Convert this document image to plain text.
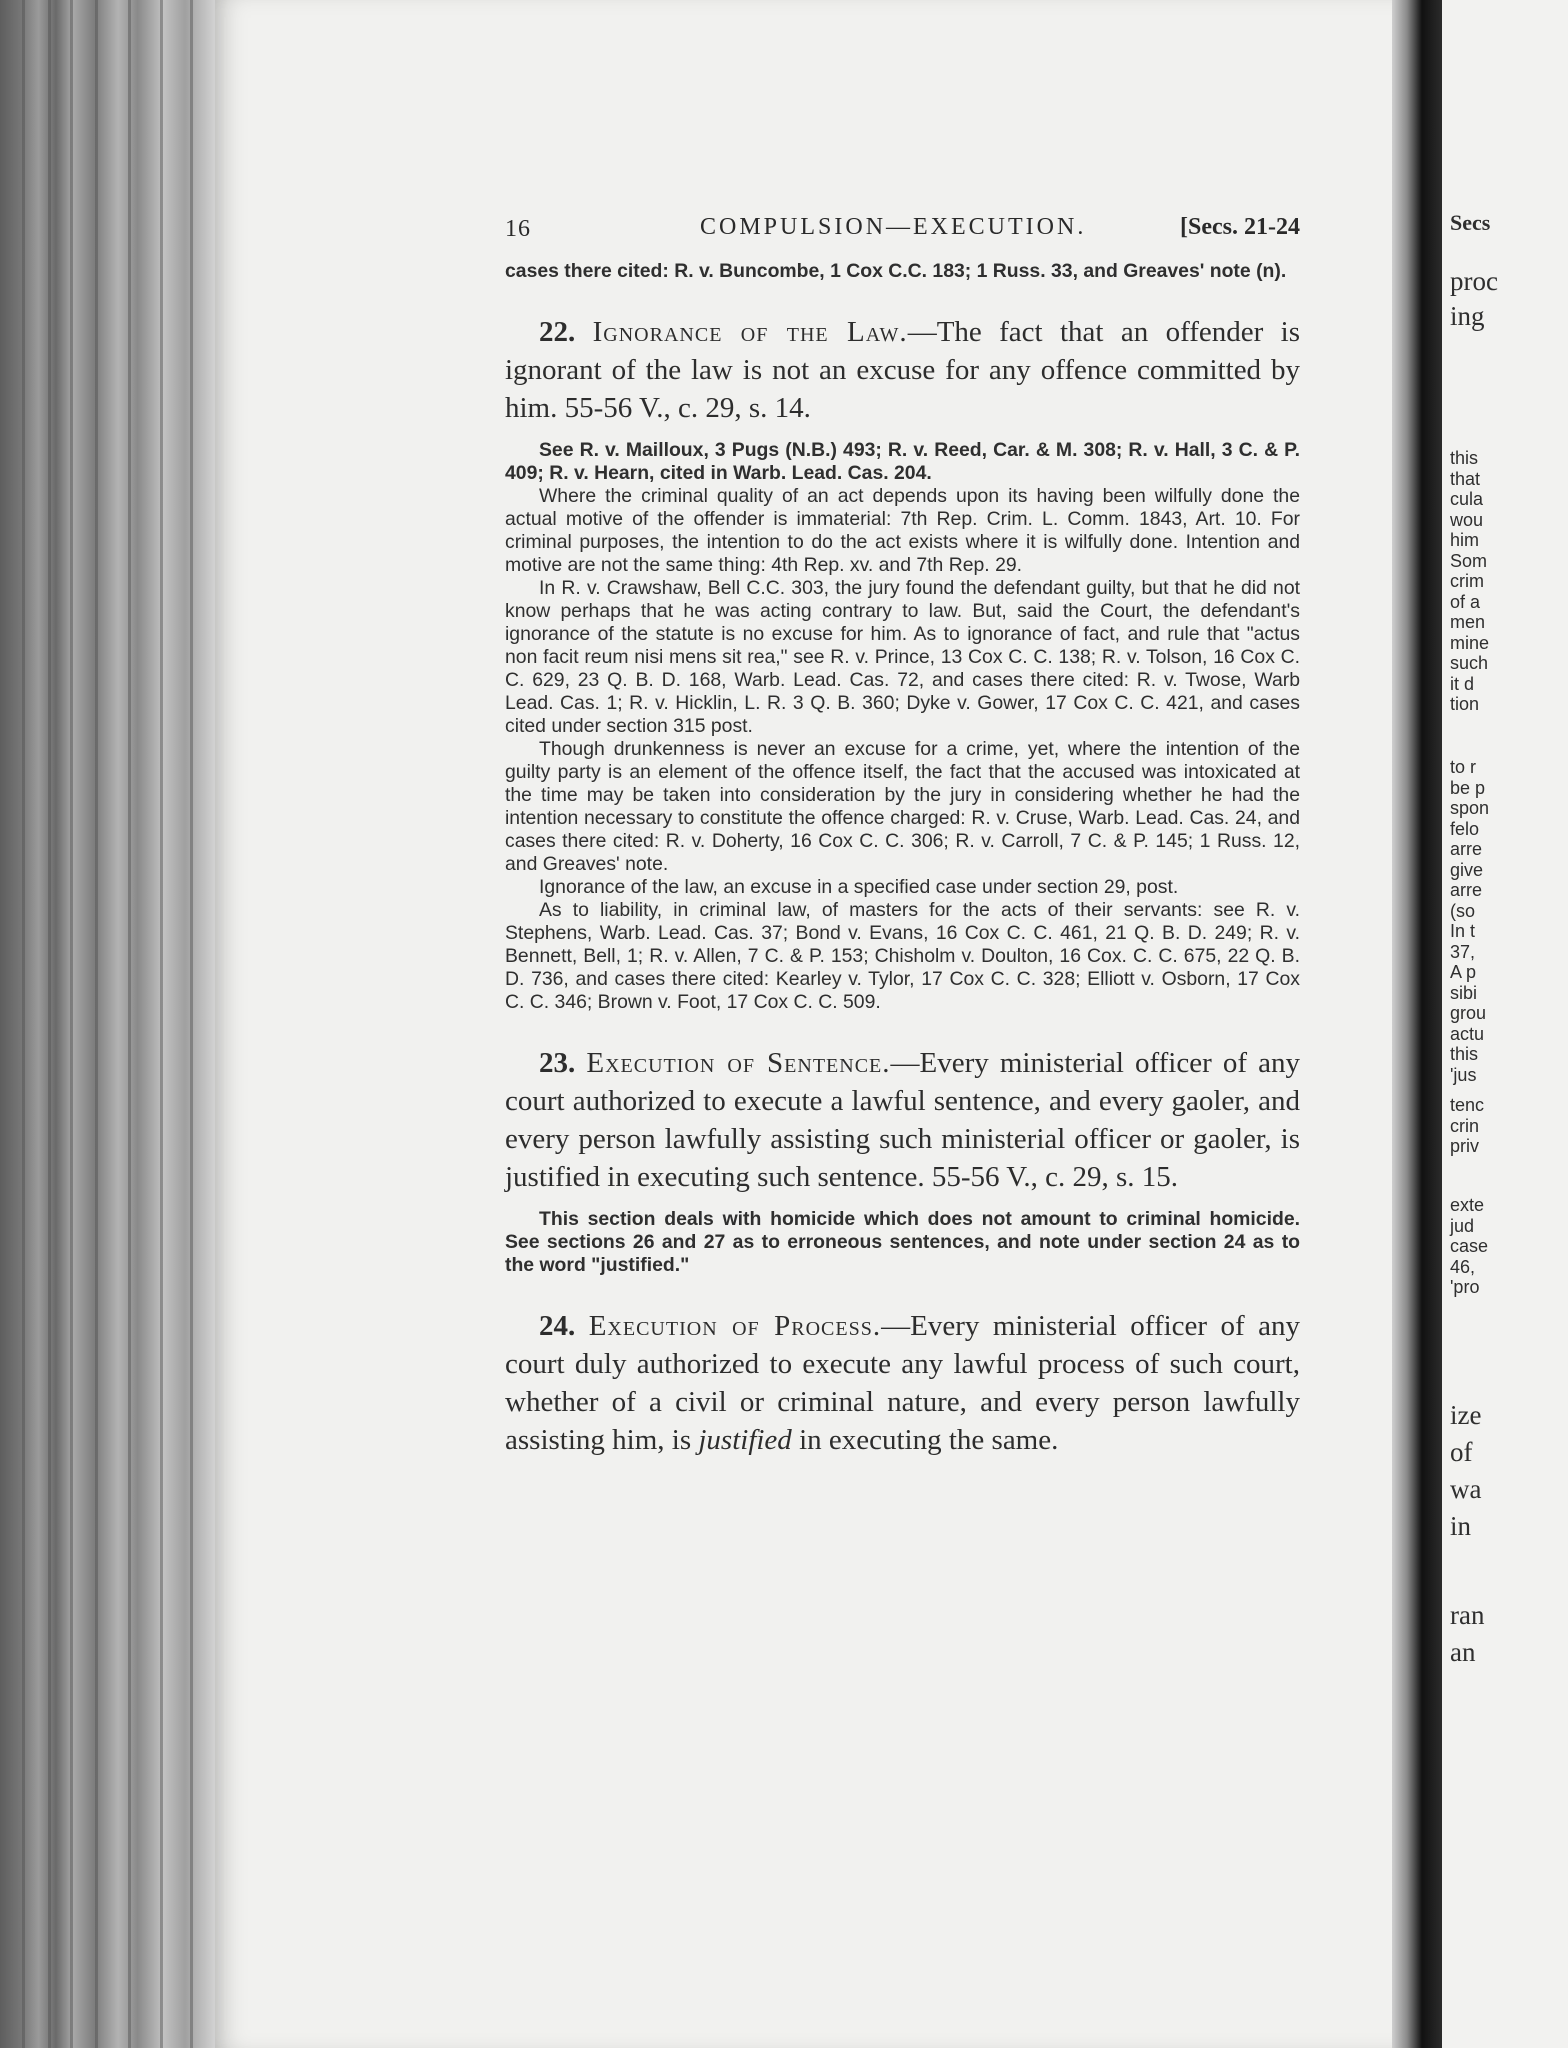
16	COMPULSION—EXECUTION.	[Secs. 21-24

cases there cited: R. v. Buncombe, 1 Cox C.C. 183; 1 Russ. 33, and Greaves' note (n).

22. Ignorance of the Law.—The fact that an offender is ignorant of the law is not an excuse for any offence committed by him. 55-56 V., c. 29, s. 14.

See R. v. Mailloux, 3 Pugs (N.B.) 493; R. v. Reed, Car. & M. 308; R. v. Hall, 3 C. & P. 409; R. v. Hearn, cited in Warb. Lead. Cas. 204.

Where the criminal quality of an act depends upon its having been wilfully done the actual motive of the offender is immaterial: 7th Rep. Crim. L. Comm. 1843, Art. 10. For criminal purposes, the intention to do the act exists where it is wilfully done. Intention and motive are not the same thing: 4th Rep. xv. and 7th Rep. 29.

In R. v. Crawshaw, Bell C.C. 303, the jury found the defendant guilty, but that he did not know perhaps that he was acting contrary to law. But, said the Court, the defendant's ignorance of the statute is no excuse for him. As to ignorance of fact, and rule that "actus non facit reum nisi mens sit rea," see R. v. Prince, 13 Cox C. C. 138; R. v. Tolson, 16 Cox C. C. 629, 23 Q. B. D. 168, Warb. Lead. Cas. 72, and cases there cited: R. v. Twose, Warb Lead. Cas. 1; R. v. Hicklin, L. R. 3 Q. B. 360; Dyke v. Gower, 17 Cox C. C. 421, and cases cited under section 315 post.

Though drunkenness is never an excuse for a crime, yet, where the intention of the guilty party is an element of the offence itself, the fact that the accused was intoxicated at the time may be taken into consideration by the jury in considering whether he had the intention necessary to constitute the offence charged: R. v. Cruse, Warb. Lead. Cas. 24, and cases there cited: R. v. Doherty, 16 Cox C. C. 306; R. v. Carroll, 7 C. & P. 145; 1 Russ. 12, and Greaves' note.

Ignorance of the law, an excuse in a specified case under section 29, post.

As to liability, in criminal law, of masters for the acts of their servants: see R. v. Stephens, Warb. Lead. Cas. 37; Bond v. Evans, 16 Cox C. C. 461, 21 Q. B. D. 249; R. v. Bennett, Bell, 1; R. v. Allen, 7 C. & P. 153; Chisholm v. Doulton, 16 Cox. C. C. 675, 22 Q. B. D. 736, and cases there cited: Kearley v. Tylor, 17 Cox C. C. 328; Elliott v. Osborn, 17 Cox C. C. 346; Brown v. Foot, 17 Cox C. C. 509.

23. Execution of Sentence.—Every ministerial officer of any court authorized to execute a lawful sentence, and every gaoler, and every person lawfully assisting such ministerial officer or gaoler, is justified in executing such sentence. 55-56 V., c. 29, s. 15.

This section deals with homicide which does not amount to criminal homicide. See sections 26 and 27 as to erroneous sentences, and note under section 24 as to the word "justified."

24. Execution of Process.—Every ministerial officer of any court duly authorized to execute any lawful process of such court, whether of a civil or criminal nature, and every person lawfully assisting him, is justified in executing the same.
Secs
proc
ing
this
that
cula
wou
him
Som
crim
of a
men
mine
such
it d
tion
to r
be p
spon
felo
arre
give
arre
(so
In t
37,
A p
sibi
grou
actu
this
'jus
tenc
crin
priv
exte
jud
case
46,
'pro
ize
of
wa
in
ran
an
